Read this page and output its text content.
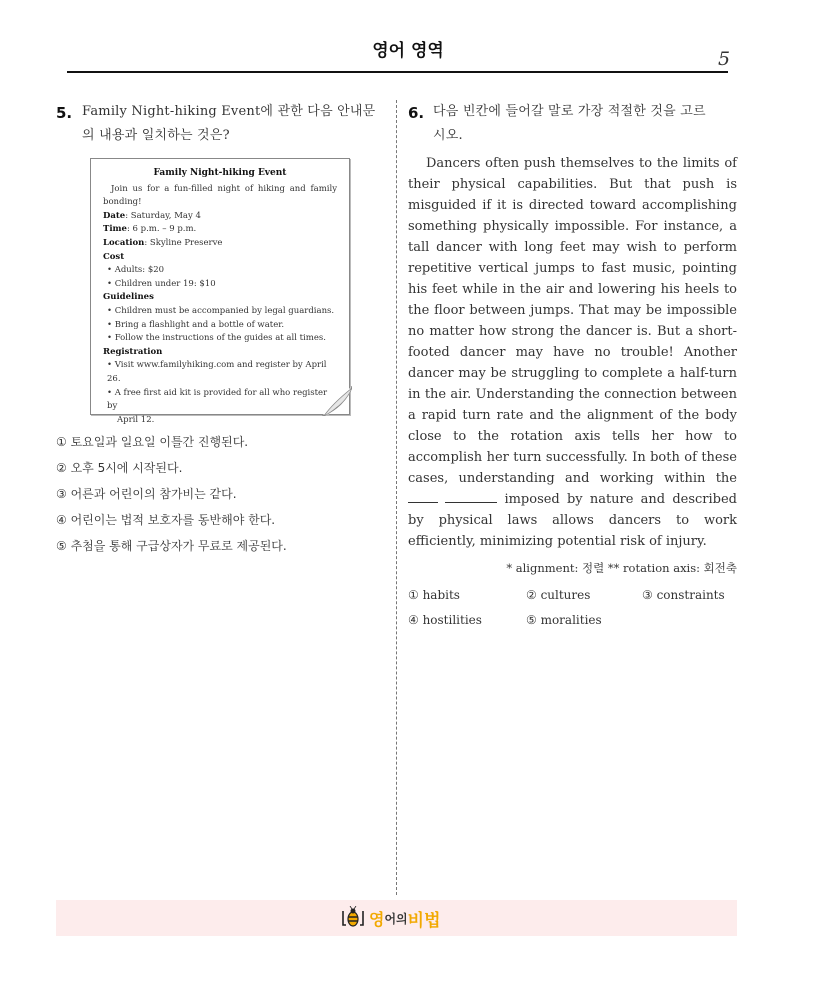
영어 영역	5
5. Family Night-hiking Event에 관한 다음 안내문
의 내용과 일치하는 것은?
Family Night-hiking Event
Join us for a fun-filled night of hiking and family bonding!
Date: Saturday, May 4
Time: 6 p.m. – 9 p.m.
Location: Skyline Preserve
Cost
• Adults: $20
• Children under 19: $10
Guidelines
• Children must be accompanied by legal guardians.
• Bring a flashlight and a bottle of water.
• Follow the instructions of the guides at all times.
Registration
• Visit www.familyhiking.com and register by April 26.
• A free first aid kit is provided for all who register by
April 12.
① 토요일과 일요일 이틀간 진행된다.
② 오후 5시에 시작된다.
③ 어른과 어린이의 참가비는 같다.
④ 어린이는 법적 보호자를 동반해야 한다.
⑤ 추첨을 통해 구급상자가 무료로 제공된다.
6. 다음 빈칸에 들어갈 말로 가장 적절한 것을 고르
시오.

Dancers often push themselves to the limits of their physical capabilities. But that push is misguided if it is directed toward accomplishing something physically impossible. For instance, a tall dancer with long feet may wish to perform repetitive vertical jumps to fast music, pointing his feet while in the air and lowering his heels to the floor between jumps. That may be impossible no matter how strong the dancer is. But a short-footed dancer may have no trouble! Another dancer may be struggling to complete a half-turn in the air. Understanding the connection between a rapid turn rate and the alignment of the body close to the rotation axis tells her how to accomplish her turn successfully. In both of these cases, understanding and working within the   imposed by nature and described by physical laws allows dancers to work efficiently, minimizing potential risk of injury.

* alignment: 정렬 ** rotation axis: 회전축
① habits	② cultures	③ constraints
④ hostilities	⑤ moralities
영 어의 비법
